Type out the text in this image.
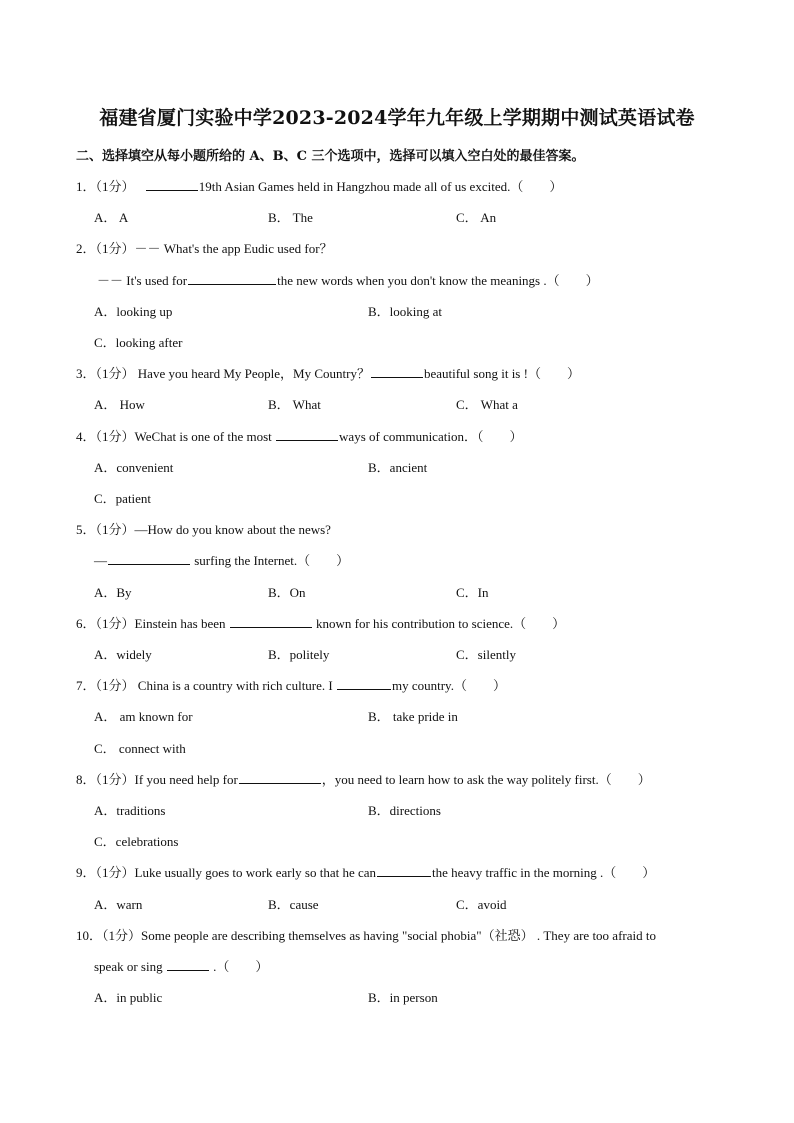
福建省厦门实验中学2023-2024学年九年级上学期期中测试英语试卷
二、选择填空从每小题所给的 A、B、C 三个选项中，选择可以填入空白处的最佳答案。
1．（1分）	19th Asian Games held in Hangzhou made all of us excited.（　　）
A． A	B． The	C． An
2．（1分）－－ What's the app Eudic used for？
－－ It's used for	the new words when you don't know the meanings .（　　）
A．looking up	B．looking at
C．looking after
3．（1分） Have you heard My People，My Country？	beautiful song it is !（　　）
A． How	B． What	C． What a
4．（1分）WeChat is one of the most	ways of communication．（　　）
A．convenient	B．ancient
C．patient
5．（1分）—How do you know about the news?
—	surfing the Internet.（　　）
A．By	B．On	C．In
6．（1分）Einstein has been	known for his contribution to science.（　　）
A．widely	B．politely	C．silently
7．（1分） China is a country with rich culture. I	my country.（　　）
A． am known for	B． take pride in
C． connect with
8．（1分）If you need help for	，you need to learn how to ask the way politely first.（　　）
A．traditions	B．directions
C．celebrations
9．（1分）Luke usually goes to work early so that he can	the heavy traffic in the morning .（　　）
A．warn	B．cause	C．avoid
10．（1分）Some people are describing themselves as having "social phobia"（社恐） . They are too afraid to
speak or sing	.（　　）
A．in public	B．in person
